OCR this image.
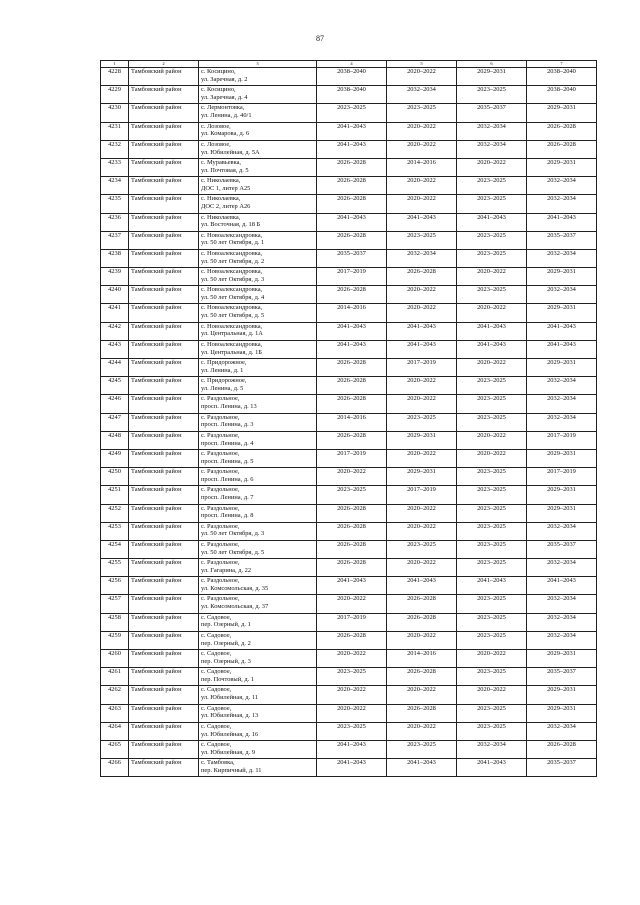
87
1	2	3	4	5	6	7
4228	Тамбовский район	с. Косицино,
ул. Заречная, д. 2	2038–2040	2020–2022	2029–2031	2038–2040
4229	Тамбовский район	с. Косицино,
ул. Заречная, д. 4	2038–2040	2032–2034	2023–2025	2038–2040
4230	Тамбовский район	с. Лермонтовка,
ул. Ленина, д. 40/1	2023–2025	2023–2025	2035–2037	2029–2031
4231	Тамбовский район	с. Лозовое,
ул. Комарова, д. 6	2041–2043	2020–2022	2032–2034	2026–2028
4232	Тамбовский район	с. Лозовое,
ул. Юбилейная, д. 5А	2041–2043	2020–2022	2032–2034	2026–2028
4233	Тамбовский район	с. Муравьевка,
ул. Почтовая, д. 5	2026–2028	2014–2016	2020–2022	2029–2031
4234	Тамбовский район	с. Николаевка,
ДОС 1, литер А25	2026–2028	2020–2022	2023–2025	2032–2034
4235	Тамбовский район	с. Николаевка,
ДОС 2, литер А26	2026–2028	2020–2022	2023–2025	2032–2034
4236	Тамбовский район	с. Николаевка,
ул. Восточная, д. 18 Б	2041–2043	2041–2043	2041–2043	2041–2043
4237	Тамбовский район	с. Новоалександровка,
ул. 50 лет Октября, д. 1	2026–2028	2023–2025	2023–2025	2035–2037
4238	Тамбовский район	с. Новоалександровка,
ул. 50 лет Октября, д. 2	2035–2037	2032–2034	2023–2025	2032–2034
4239	Тамбовский район	с. Новоалександровка,
ул. 50 лет Октября, д. 3	2017–2019	2026–2028	2020–2022	2029–2031
4240	Тамбовский район	с. Новоалександровка,
ул. 50 лет Октября, д. 4	2026–2028	2020–2022	2023–2025	2032–2034
4241	Тамбовский район	с. Новоалександровка,
ул. 50 лет Октября, д. 5	2014–2016	2020–2022	2020–2022	2029–2031
4242	Тамбовский район	с. Новоалександровка,
ул. Центральная, д. 1А	2041–2043	2041–2043	2041–2043	2041–2043
4243	Тамбовский район	с. Новоалександровка,
ул. Центральная, д. 1Б	2041–2043	2041–2043	2041–2043	2041–2043
4244	Тамбовский район	с. Придорожное,
ул. Ленина, д. 1	2026–2028	2017–2019	2020–2022	2029–2031
4245	Тамбовский район	с. Придорожное,
ул. Ленина, д. 5	2026–2028	2020–2022	2023–2025	2032–2034
4246	Тамбовский район	с. Раздольное,
просп. Ленина, д. 13	2026–2028	2020–2022	2023–2025	2032–2034
4247	Тамбовский район	с. Раздольное,
просп. Ленина, д. 3	2014–2016	2023–2025	2023–2025	2032–2034
4248	Тамбовский район	с. Раздольное,
просп. Ленина, д. 4	2026–2028	2029–2031	2020–2022	2017–2019
4249	Тамбовский район	с. Раздольное,
просп. Ленина, д. 5	2017–2019	2020–2022	2020–2022	2029–2031
4250	Тамбовский район	с. Раздольное,
просп. Ленина, д. 6	2020–2022	2029–2031	2023–2025	2017–2019
4251	Тамбовский район	с. Раздольное,
просп. Ленина, д. 7	2023–2025	2017–2019	2023–2025	2029–2031
4252	Тамбовский район	с. Раздольное,
просп. Ленина, д. 8	2026–2028	2020–2022	2023–2025	2029–2031
4253	Тамбовский район	с. Раздольное,
ул. 50 лет Октября, д. 3	2026–2028	2020–2022	2023–2025	2032–2034
4254	Тамбовский район	с. Раздольное,
ул. 50 лет Октября, д. 5	2026–2028	2023–2025	2023–2025	2035–2037
4255	Тамбовский район	с. Раздольное,
ул. Гагарина, д. 22	2026–2028	2020–2022	2023–2025	2032–2034
4256	Тамбовский район	с. Раздольное,
ул. Комсомольская, д. 35	2041–2043	2041–2043	2041–2043	2041–2043
4257	Тамбовский район	с. Раздольное,
ул. Комсомольская, д. 37	2020–2022	2026–2028	2023–2025	2032–2034
4258	Тамбовский район	с. Садовое,
пер. Озерный, д. 1	2017–2019	2026–2028	2023–2025	2032–2034
4259	Тамбовский район	с. Садовое,
пер. Озерный, д. 2	2026–2028	2020–2022	2023–2025	2032–2034
4260	Тамбовский район	с. Садовое,
пер. Озерный, д. 3	2020–2022	2014–2016	2020–2022	2029–2031
4261	Тамбовский район	с. Садовое,
пер. Почтовый, д. 1	2023–2025	2026–2028	2023–2025	2035–2037
4262	Тамбовский район	с. Садовое,
ул. Юбилейная, д. 11	2020–2022	2020–2022	2020–2022	2029–2031
4263	Тамбовский район	с. Садовое,
ул. Юбилейная, д. 13	2020–2022	2026–2028	2023–2025	2029–2031
4264	Тамбовский район	с. Садовое,
ул. Юбилейная, д. 16	2023–2025	2020–2022	2023–2025	2032–2034
4265	Тамбовский район	с. Садовое,
ул. Юбилейная, д. 9	2041–2043	2023–2025	2032–2034	2026–2028
4266	Тамбовский район	с. Тамбовка,
пер. Кирпичный, д. 11	2041–2043	2041–2043	2041–2043	2035–2037
